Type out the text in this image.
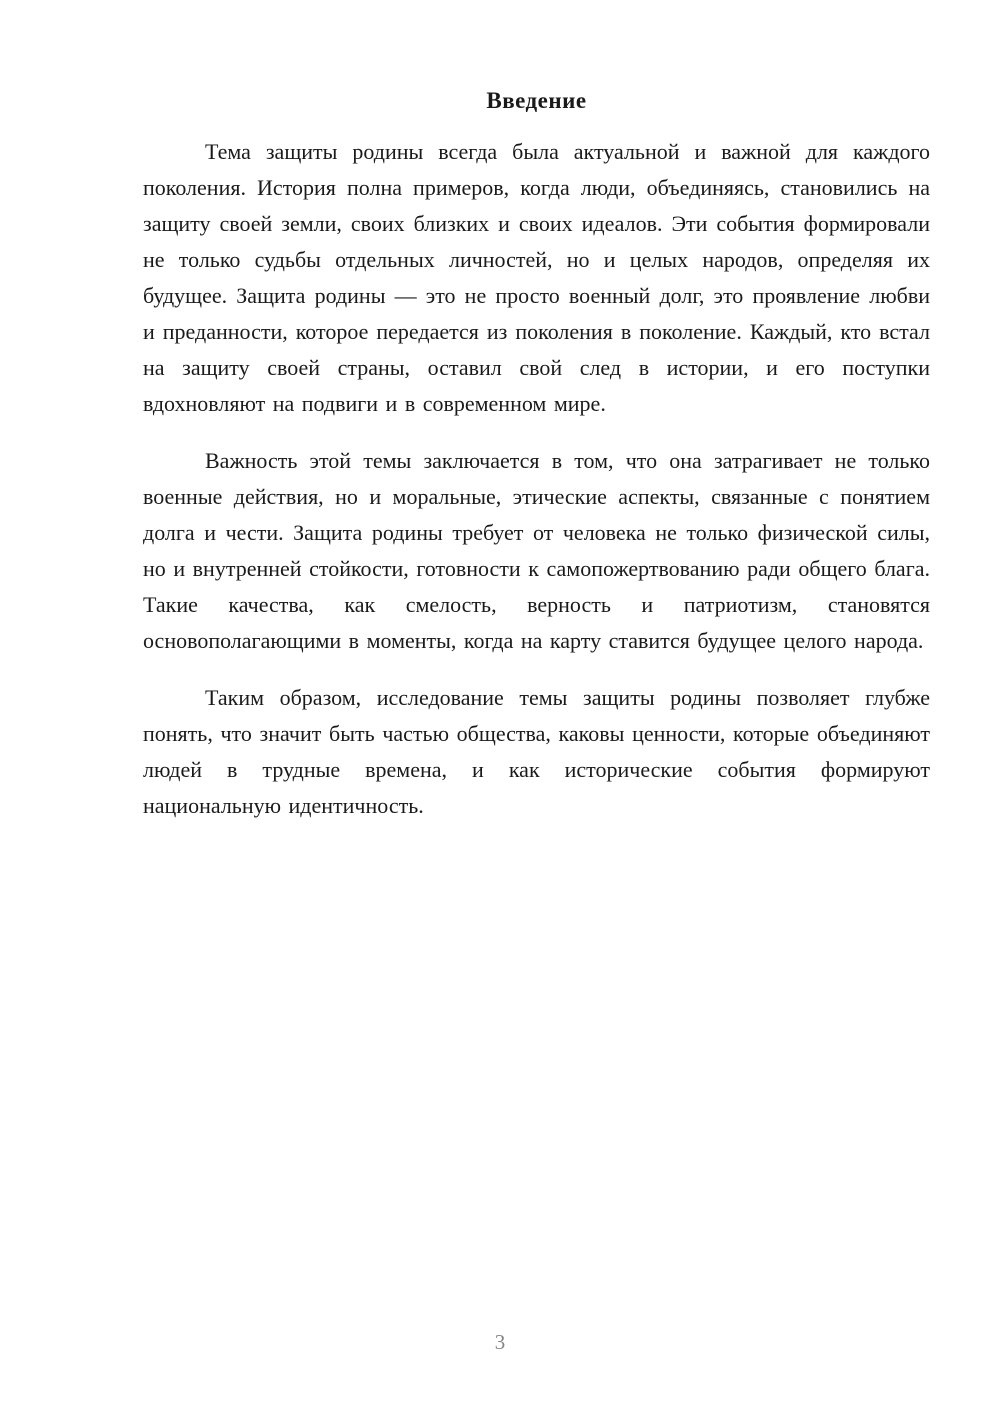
Введение

Тема защиты родины всегда была актуальной и важной для каждого поколения. История полна примеров, когда люди, объединяясь, становились на защиту своей земли, своих близких и своих идеалов. Эти события формировали не только судьбы отдельных личностей, но и целых народов, определяя их будущее. Защита родины — это не просто военный долг, это проявление любви и преданности, которое передается из поколения в поколение. Каждый, кто встал на защиту своей страны, оставил свой след в истории, и его поступки вдохновляют на подвиги и в современном мире.

Важность этой темы заключается в том, что она затрагивает не только военные действия, но и моральные, этические аспекты, связанные с понятием долга и чести. Защита родины требует от человека не только физической силы, но и внутренней стойкости, готовности к самопожертвованию ради общего блага. Такие качества, как смелость, верность и патриотизм, становятся основополагающими в моменты, когда на карту ставится будущее целого народа.

Таким образом, исследование темы защиты родины позволяет глубже понять, что значит быть частью общества, каковы ценности, которые объединяют людей в трудные времена, и как исторические события формируют национальную идентичность.

3
